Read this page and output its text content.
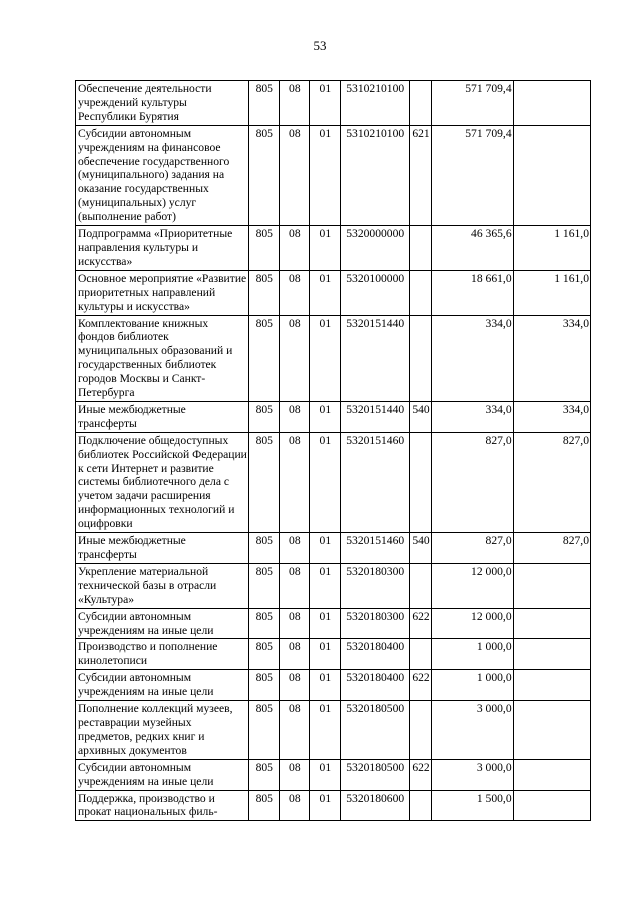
53
Обеспечение деятельности учреждений культуры Республики Бурятия	805	08	01	5310210100		571 709,4	
Субсидии автономным учреждениям на финансовое обеспечение государственного (муниципального) задания на оказание государственных (муниципальных) услуг (выполнение работ)	805	08	01	5310210100	621	571 709,4	
Подпрограмма «Приоритетные направления культуры и искусства»	805	08	01	5320000000		46 365,6	1 161,0
Основное мероприятие «Развитие приоритетных направлений культуры и искусства»	805	08	01	5320100000		18 661,0	1 161,0
Комплектование книжных фондов библиотек муниципальных образований и государственных библиотек городов Москвы и Санкт-Петербурга	805	08	01	5320151440		334,0	334,0
Иные межбюджетные трансферты	805	08	01	5320151440	540	334,0	334,0
Подключение общедоступных библиотек Российской Федерации к сети Интернет и развитие системы библиотечного дела с учетом задачи расширения информационных технологий и оцифровки	805	08	01	5320151460		827,0	827,0
Иные межбюджетные трансферты	805	08	01	5320151460	540	827,0	827,0
Укрепление материальной технической базы в отрасли «Культура»	805	08	01	5320180300		12 000,0	
Субсидии автономным учреждениям на иные цели	805	08	01	5320180300	622	12 000,0	
Производство и пополнение кинолетописи	805	08	01	5320180400		1 000,0	
Субсидии автономным учреждениям на иные цели	805	08	01	5320180400	622	1 000,0	
Пополнение коллекций музеев, реставрации музейных предметов, редких книг и архивных документов	805	08	01	5320180500		3 000,0	
Субсидии автономным учреждениям на иные цели	805	08	01	5320180500	622	3 000,0	
Поддержка, производство и прокат национальных филь-	805	08	01	5320180600		1 500,0	
